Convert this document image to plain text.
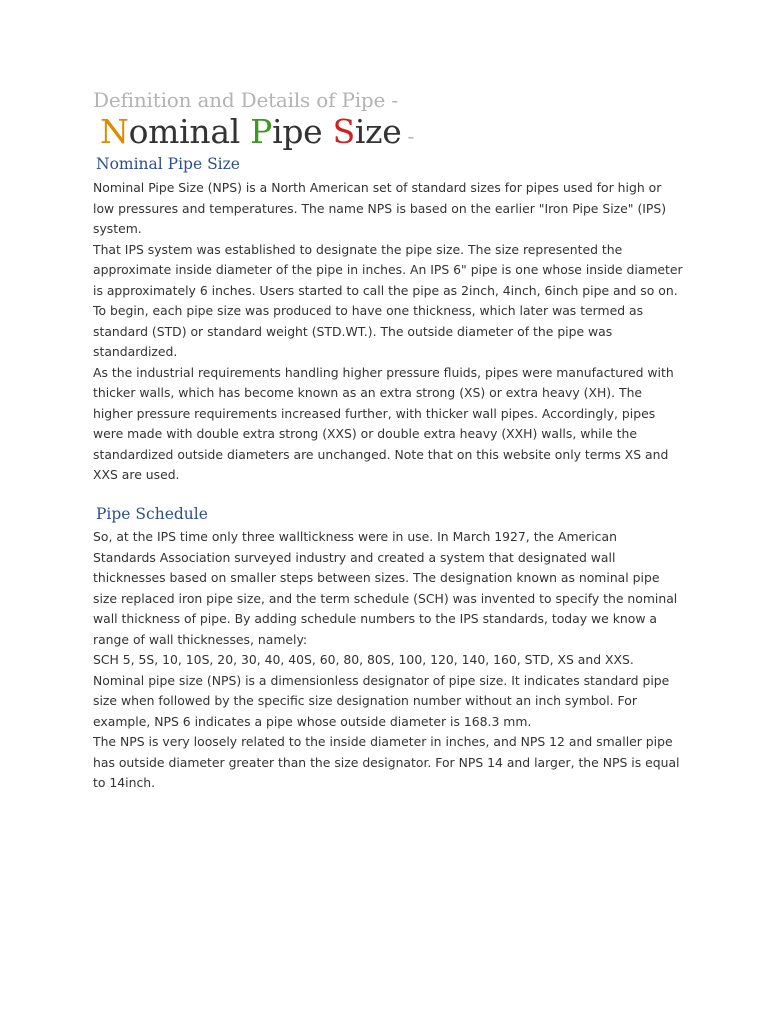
Definition and Details of Pipe -
Nominal Pipe Size -
Nominal Pipe Size

Nominal Pipe Size (NPS) is a North American set of standard sizes for pipes used for high or low pressures and temperatures. The name NPS is based on the earlier "Iron Pipe Size" (IPS) system.

That IPS system was established to designate the pipe size. The size represented the approximate inside diameter of the pipe in inches. An IPS 6" pipe is one whose inside diameter is approximately 6 inches. Users started to call the pipe as 2inch, 4inch, 6inch pipe and so on. To begin, each pipe size was produced to have one thickness, which later was termed as standard (STD) or standard weight (STD.WT.). The outside diameter of the pipe was standardized.

As the industrial requirements handling higher pressure fluids, pipes were manufactured with thicker walls, which has become known as an extra strong (XS) or extra heavy (XH). The higher pressure requirements increased further, with thicker wall pipes. Accordingly, pipes were made with double extra strong (XXS) or double extra heavy (XXH) walls, while the standardized outside diameters are unchanged. Note that on this website only terms XS and XXS are used.

Pipe Schedule

So, at the IPS time only three walltickness were in use. In March 1927, the American Standards Association surveyed industry and created a system that designated wall thicknesses based on smaller steps between sizes. The designation known as nominal pipe size replaced iron pipe size, and the term schedule (SCH) was invented to specify the nominal wall thickness of pipe. By adding schedule numbers to the IPS standards, today we know a range of wall thicknesses, namely:

SCH 5, 5S, 10, 10S, 20, 30, 40, 40S, 60, 80, 80S, 100, 120, 140, 160, STD, XS and XXS.

Nominal pipe size (NPS) is a dimensionless designator of pipe size. It indicates standard pipe size when followed by the specific size designation number without an inch symbol. For example, NPS 6 indicates a pipe whose outside diameter is 168.3 mm.

The NPS is very loosely related to the inside diameter in inches, and NPS 12 and smaller pipe has outside diameter greater than the size designator. For NPS 14 and larger, the NPS is equal to 14inch.
